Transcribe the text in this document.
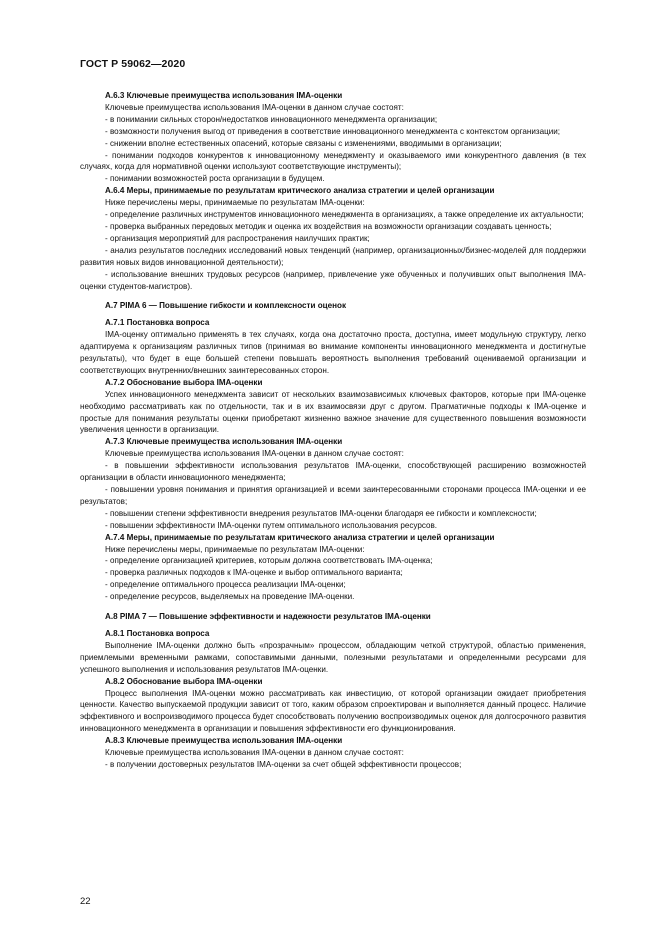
ГОСТ Р 59062—2020

А.6.3 Ключевые преимущества использования IMA-оценки

Ключевые преимущества использования IMA-оценки в данном случае состоят:

- в понимании сильных сторон/недостатков инновационного менеджмента организации;

- возможности получения выгод от приведения в соответствие инновационного менеджмента с контекстом организации;

- снижении вполне естественных опасений, которые связаны с изменениями, вводимыми в организации;

- понимании подходов конкурентов к инновационному менеджменту и оказываемого ими конкурентного давления (в тех случаях, когда для нормативной оценки используют соответствующие инструменты);

- понимании возможностей роста организации в будущем.

А.6.4 Меры, принимаемые по результатам критического анализа стратегии и целей организации

Ниже перечислены меры, принимаемые по результатам IMA-оценки:

- определение различных инструментов инновационного менеджмента в организациях, а также определение их актуальности;

- проверка выбранных передовых методик и оценка их воздействия на возможности организации создавать ценность;

- организация мероприятий для распространения наилучших практик;

- анализ результатов последних исследований новых тенденций (например, организационных/бизнес-моделей для поддержки развития новых видов инновационной деятельности);

- использование внешних трудовых ресурсов (например, привлечение уже обученных и получивших опыт выполнения IMA-оценки студентов-магистров).

А.7 PIMA 6 — Повышение гибкости и комплексности оценок

А.7.1 Постановка вопроса

IMA-оценку оптимально применять в тех случаях, когда она достаточно проста, доступна, имеет модульную структуру, легко адаптируема к организациям различных типов (принимая во внимание компоненты инновационного менеджмента и достигнутые результаты), что будет в еще большей степени повышать вероятность выполнения требований оцениваемой организации и соответствующих внутренних/внешних заинтересованных сторон.

А.7.2 Обоснование выбора IMA-оценки

Успех инновационного менеджмента зависит от нескольких взаимозависимых ключевых факторов, которые при IMA-оценке необходимо рассматривать как по отдельности, так и в их взаимосвязи друг с другом. Прагматичные подходы к IMA-оценке и простые для понимания результаты оценки приобретают жизненно важное значение для существенного повышения возможности увеличения ценности в организации.

А.7.3 Ключевые преимущества использования IMA-оценки

Ключевые преимущества использования IMA-оценки в данном случае состоят:

- в повышении эффективности использования результатов IMA-оценки, способствующей расширению возможностей организации в области инновационного менеджмента;

- повышении уровня понимания и принятия организацией и всеми заинтересованными сторонами процесса IMA-оценки и ее результатов;

- повышении степени эффективности внедрения результатов IMA-оценки благодаря ее гибкости и комплексности;

- повышении эффективности IMA-оценки путем оптимального использования ресурсов.

А.7.4 Меры, принимаемые по результатам критического анализа стратегии и целей организации

Ниже перечислены меры, принимаемые по результатам IMA-оценки:

- определение организацией критериев, которым должна соответствовать IMA-оценка;

- проверка различных подходов к IMA-оценке и выбор оптимального варианта;

- определение оптимального процесса реализации IMA-оценки;

- определение ресурсов, выделяемых на проведение IMA-оценки.

А.8 PIMA 7 — Повышение эффективности и надежности результатов IMA-оценки

А.8.1 Постановка вопроса

Выполнение IMA-оценки должно быть «прозрачным» процессом, обладающим четкой структурой, областью применения, приемлемыми временными рамками, сопоставимыми данными, полезными результатами и определенными ресурсами для успешного выполнения и использования результатов IMA-оценки.

А.8.2 Обоснование выбора IMA-оценки

Процесс выполнения IMA-оценки можно рассматривать как инвестицию, от которой организации ожидает приобретения ценности. Качество выпускаемой продукции зависит от того, каким образом спроектирован и выполняется данный процесс. Наличие эффективного и воспроизводимого процесса будет способствовать получению воспроизводимых оценок для долгосрочного развития инновационного менеджмента в организации и повышения эффективности его функционирования.

А.8.3 Ключевые преимущества использования IMA-оценки

Ключевые преимущества использования IMA-оценки в данном случае состоят:

- в получении достоверных результатов IMA-оценки за счет общей эффективности процессов;

22
